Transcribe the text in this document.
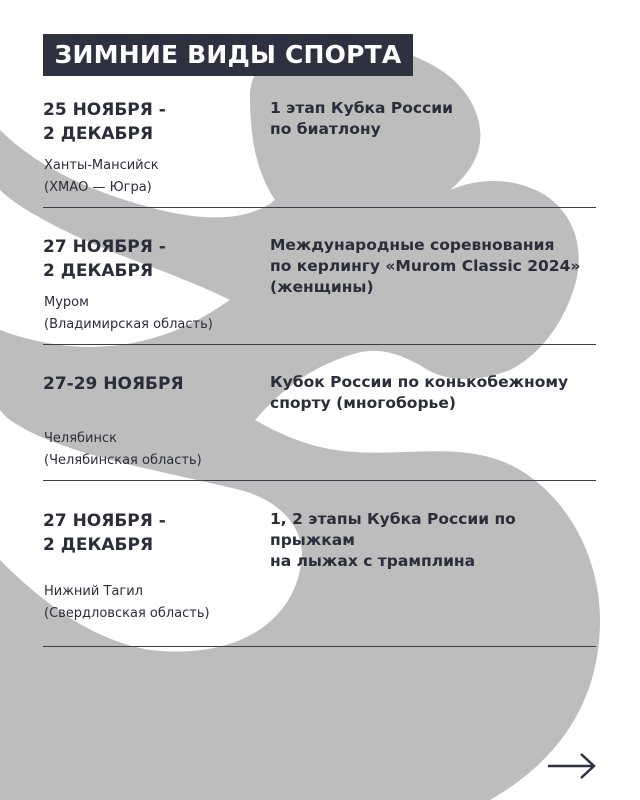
ЗИМНИЕ ВИДЫ СПОРТА
25 НОЯБРЯ -
2 ДЕКАБРЯ
1 этап Кубка России
по биатлону
Ханты-Мансийск
(ХМАО — Югра)
27 НОЯБРЯ -
2 ДЕКАБРЯ
Международные соревнования
по керлингу «Murom Classic 2024»
(женщины)
Муром
(Владимирская область)
27-29 НОЯБРЯ	Кубок России по конькобежному
спорту (многоборье)
Челябинск
(Челябинская область)
27 НОЯБРЯ -
2 ДЕКАБРЯ
1, 2 этапы Кубка России по прыжкам
на лыжах с трамплина
Нижний Тагил
(Свердловская область)
